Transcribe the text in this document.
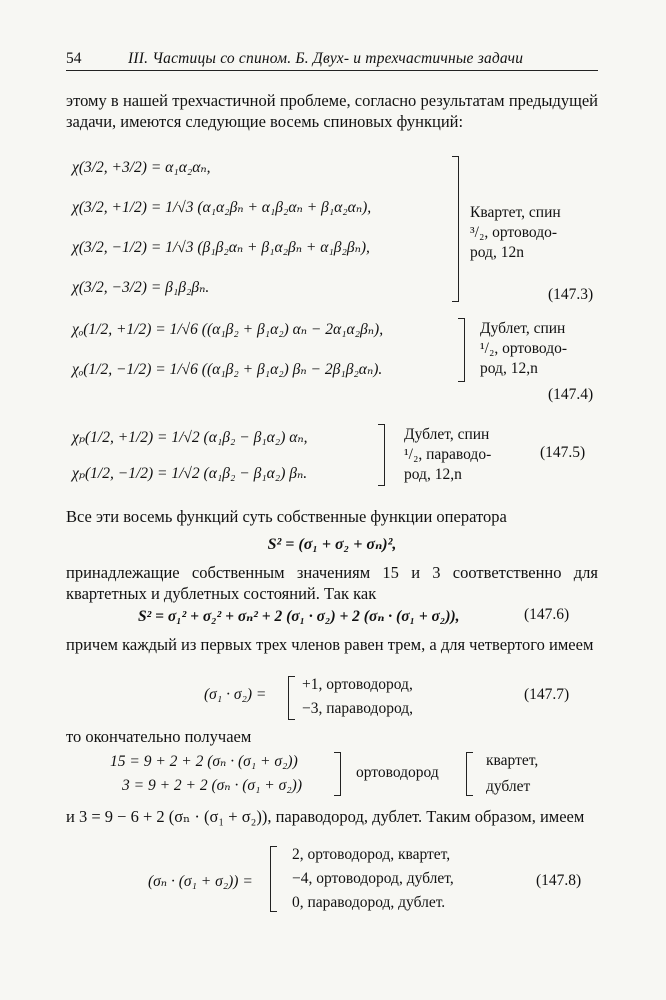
54	III. Частицы со спином. Б. Двух- и трехчастичные задачи
этому в нашей трехчастичной проблеме, согласно результатам предыдущей задачи, имеются следующие восемь спиновых функций:
χ(3/2, +3/2) = α₁α₂αₙ,
χ(3/2, +1/2) = 1/√3 (α₁α₂βₙ + α₁β₂αₙ + β₁α₂αₙ),
χ(3/2, −1/2) = 1/√3 (β₁β₂αₙ + β₁α₂βₙ + α₁β₂βₙ),
χ(3/2, −3/2) = β₁β₂βₙ.
Квартет, спин
³/₂, ортоводо-
род, 12n
(147.3)
χₒ(1/2, +1/2) = 1/√6 ((α₁β₂ + β₁α₂) αₙ − 2α₁α₂βₙ),
χₒ(1/2, −1/2) = 1/√6 ((α₁β₂ + β₁α₂) βₙ − 2β₁β₂αₙ).
Дублет, спин
¹/₂, ортоводо-
род, 12,n
(147.4)
χₚ(1/2, +1/2) = 1/√2 (α₁β₂ − β₁α₂) αₙ,
χₚ(1/2, −1/2) = 1/√2 (α₁β₂ − β₁α₂) βₙ.
Дублет, спин
¹/₂, параводо-
род, 12,n
(147.5)
Все эти восемь функций суть собственные функции оператора
S² = (σ₁ + σ₂ + σₙ)²,
принадлежащие собственным значениям 15 и 3 соответственно для квартетных и дублетных состояний. Так как
S² = σ₁² + σ₂² + σₙ² + 2 (σ₁ · σ₂) + 2 (σₙ · (σ₁ + σ₂)),	(147.6)
причем каждый из первых трех членов равен трем, а для четвертого имеем
(σ₁ · σ₂) =
+1, ортоводород,
−3, параводород,
(147.7)
то окончательно получаем
15 = 9 + 2 + 2 (σₙ · (σ₁ + σ₂))
3 = 9 + 2 + 2 (σₙ · (σ₁ + σ₂))
ортоводород
квартет,
дублет
и 3 = 9 − 6 + 2 (σₙ · (σ₁ + σ₂)), параводород, дублет. Таким образом, имеем
(σₙ · (σ₁ + σ₂)) =
2, ортоводород, квартет,
−4, ортоводород, дублет,
0, параводород, дублет.
(147.8)
